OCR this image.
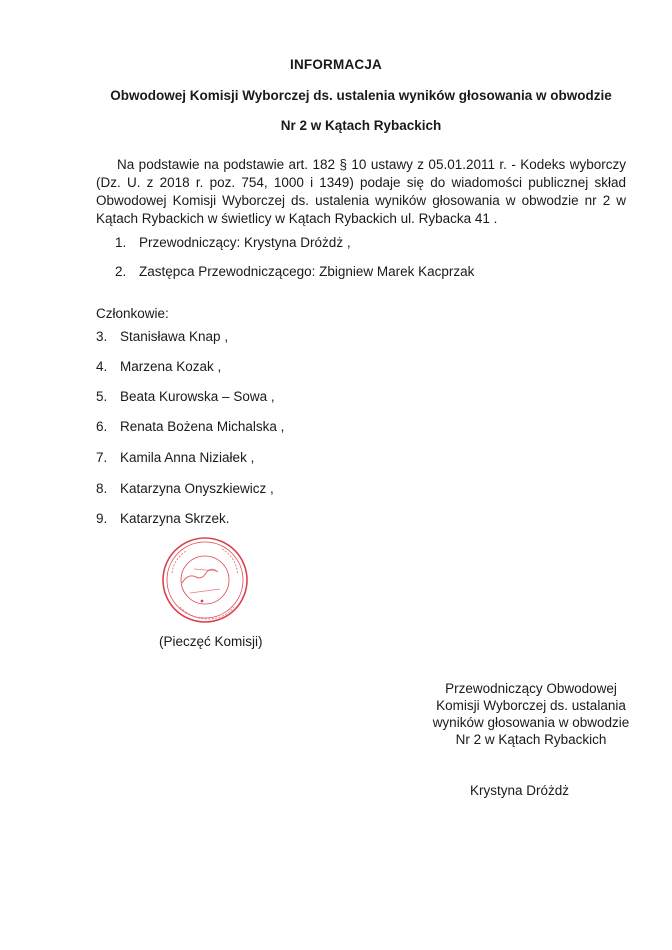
INFORMACJA
Obwodowej Komisji Wyborczej ds. ustalenia wyników głosowania w obwodzie
Nr 2 w Kątach Rybackich
Na podstawie na podstawie art. 182 § 10 ustawy z 05.01.2011 r. - Kodeks wyborczy (Dz. U. z 2018 r. poz. 754, 1000 i 1349) podaje się do wiadomości publicznej skład Obwodowej Komisji Wyborczej ds. ustalenia wyników głosowania w obwodzie nr 2 w Kątach Rybackich w świetlicy w Kątach Rybackich ul. Rybacka 41 .
1. Przewodniczący: Krystyna Dróżdż ,
2. Zastępca Przewodniczącego: Zbigniew Marek Kacprzak
Członkowie:
3. Stanisława Knap ,
4. Marzena Kozak ,
5. Beata Kurowska – Sowa ,
6. Renata Bożena Michalska ,
7. Kamila Anna Niziałek ,
8. Katarzyna Onyszkiewicz ,
9. Katarzyna Skrzek.
(Pieczęć Komisji)
Przewodniczący Obwodowej
Komisji Wyborczej ds. ustalania
wyników głosowania w obwodzie
Nr 2 w Kątach Rybackich
Krystyna Dróżdż
